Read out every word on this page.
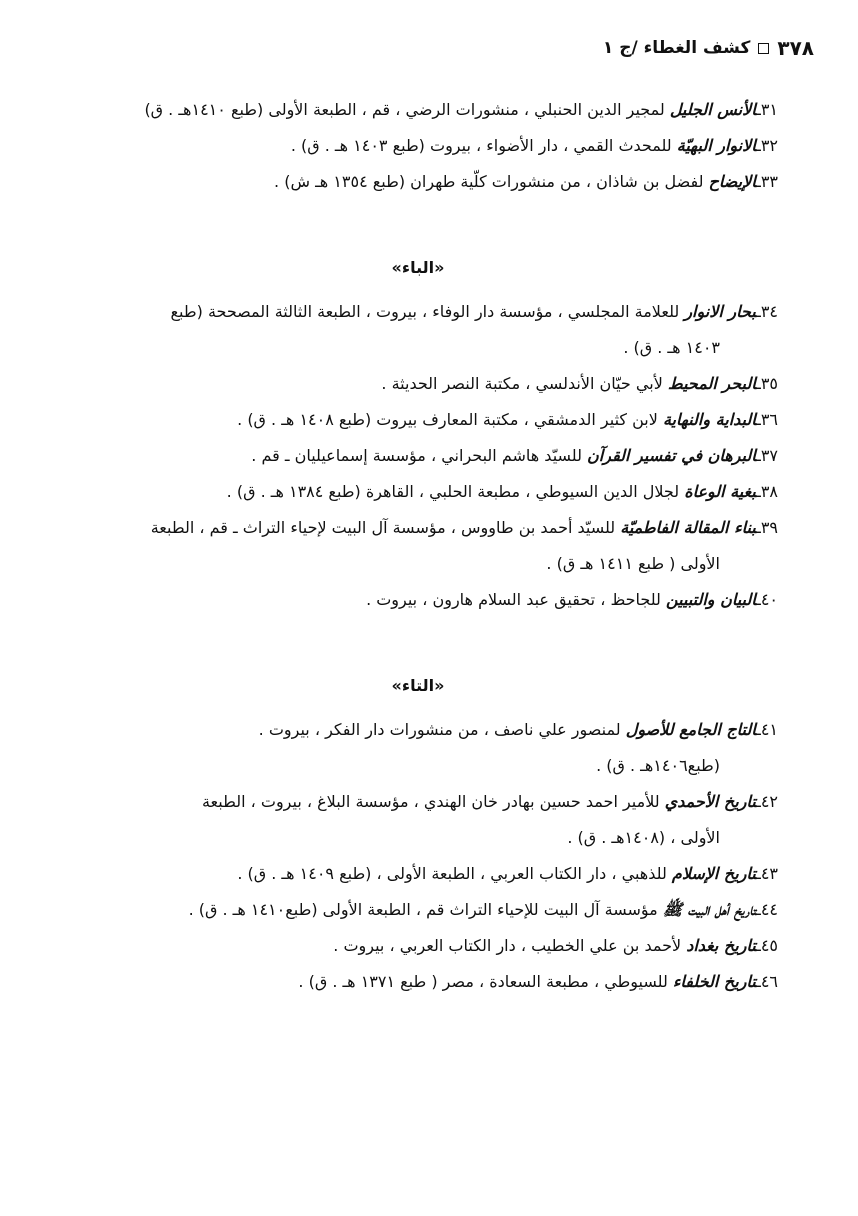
٣٧٨
كشف الغطاء /ج ١

٣١ـالأنس الجليل لمجير الدين الحنبلي ، منشورات الرضي ، قم ، الطبعة الأولى (طبع ١٤١٠هـ . ق)

٣٢ـالانوار البهيّة للمحدث القمي ، دار الأضواء ، بيروت (طبع ١٤٠٣ هـ . ق) .

٣٣ـالإيضاح لفضل بن شاذان ، من منشورات كلّية طهران (طبع ١٣٥٤ هـ ش) .

«الباء»

٣٤ـبحار الانوار للعلامة المجلسي ، مؤسسة دار الوفاء ، بيروت ، الطبعة الثالثة المصححة (طبع
١٤٠٣ هـ . ق) .

٣٥ـالبحر المحيط لأبي حيّان الأندلسي ، مكتبة النصر الحديثة .

٣٦ـالبداية والنهاية لابن كثير الدمشقي ، مكتبة المعارف بيروت (طبع ١٤٠٨ هـ . ق) .

٣٧ـالبرهان في تفسير القرآن للسيّد هاشم البحراني ، مؤسسة إسماعيليان ـ قم .

٣٨ـبغية الوعاة لجلال الدين السيوطي ، مطبعة الحلبي ، القاهرة (طبع ١٣٨٤ هـ . ق) .

٣٩ـبناء المقالة الفاطميّة للسيّد أحمد بن طاووس ، مؤسسة آل البيت لإحياء التراث ـ قم ، الطبعة
الأولى ( طبع ١٤١١ هـ ق) .

٤٠ـالبيان والتبيين للجاحظ ، تحقيق عبد السلام هارون ، بيروت .

«التاء»

٤١ـالتاج الجامع للأصول لمنصور علي ناصف ، من منشورات دار الفكر ، بيروت .
(طبع١٤٠٦هـ . ق) .

٤٢ـتاريخ الأحمدي للأمير احمد حسين بهادر خان الهندي ، مؤسسة البلاغ ، بيروت ، الطبعة
الأولى ، (١٤٠٨هـ . ق) .

٤٣ـتاريخ الإسلام للذهبي ، دار الكتاب العربي ، الطبعة الأولى ، (طبع ١٤٠٩ هـ . ق) .

٤٤ـتاريخ أهل البيت ﷺ مؤسسة آل البيت للإحياء التراث قم ، الطبعة الأولى (طبع١٤١٠ هـ . ق) .

٤٥ـتاريخ بغداد لأحمد بن علي الخطيب ، دار الكتاب العربي ، بيروت .

٤٦ـتاريخ الخلفاء للسيوطي ، مطبعة السعادة ، مصر ( طبع ١٣٧١ هـ . ق) .
